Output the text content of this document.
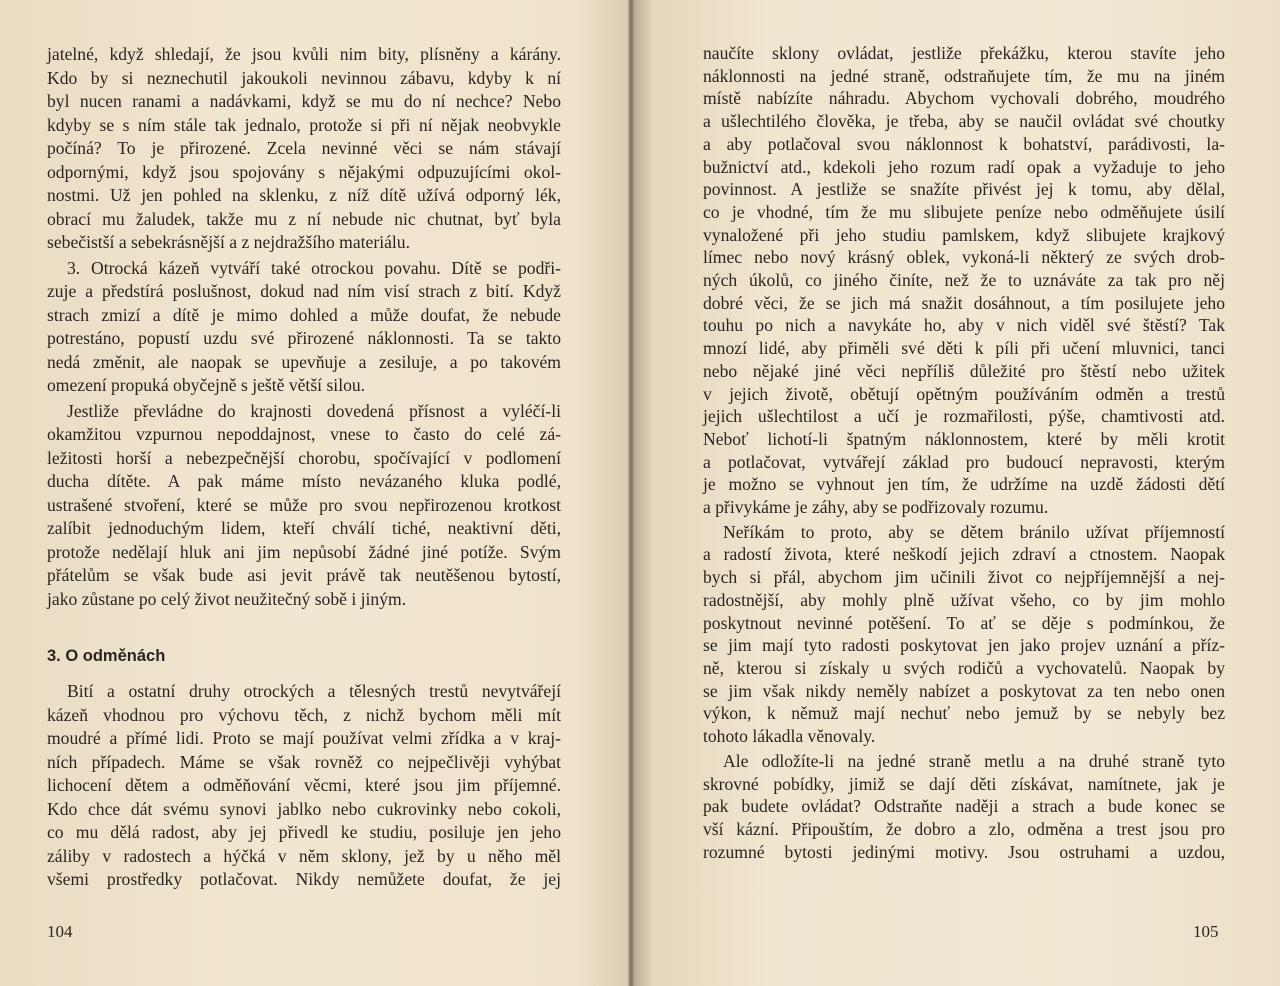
jatelné, když shledají, že jsou kvůli nim bity, plísněny a kárány.
Kdo by si neznechutil jakoukoli nevinnou zábavu, kdyby k ní
byl nucen ranami a nadávkami, když se mu do ní nechce? Nebo
kdyby se s ním stále tak jednalo, protože si při ní nějak neobvykle
počíná? To je přirozené. Zcela nevinné věci se nám stávají
odpornými, když jsou spojovány s nějakými odpuzujícími okol-
nostmi. Už jen pohled na sklenku, z níž dítě užívá odporný lék,
obrací mu žaludek, takže mu z ní nebude nic chutnat, byť byla
sebečistší a sebekrásnější a z nejdražšího materiálu.
3. Otrocká kázeň vytváří také otrockou povahu. Dítě se podři-
zuje a předstírá poslušnost, dokud nad ním visí strach z bití. Když
strach zmizí a dítě je mimo dohled a může doufat, že nebude
potrestáno, popustí uzdu své přirozené náklonnosti. Ta se takto
nedá změnit, ale naopak se upevňuje a zesiluje, a po takovém
omezení propuká obyčejně s ještě větší silou.
Jestliže převládne do krajnosti dovedená přísnost a vyléčí-li
okamžitou vzpurnou nepoddajnost, vnese to často do celé zá-
ležitosti horší a nebezpečnější chorobu, spočívající v podlomení
ducha dítěte. A pak máme místo nevázaného kluka podlé,
ustrašené stvoření, které se může pro svou nepřirozenou krotkost
zalíbit jednoduchým lidem, kteří chválí tiché, neaktivní děti,
protože nedělají hluk ani jim nepůsobí žádné jiné potíže. Svým
přátelům se však bude asi jevit právě tak neutěšenou bytostí,
jako zůstane po celý život neužitečný sobě i jiným.
3. O odměnách
Bití a ostatní druhy otrockých a tělesných trestů nevytvářejí
kázeň vhodnou pro výchovu těch, z nichž bychom měli mít
moudré a přímé lidi. Proto se mají používat velmi zřídka a v kraj-
ních případech. Máme se však rovněž co nejpečlivěji vyhýbat
lichocení dětem a odměňování věcmi, které jsou jim příjemné.
Kdo chce dát svému synovi jablko nebo cukrovinky nebo cokoli,
co mu dělá radost, aby jej přivedl ke studiu, posiluje jen jeho
záliby v radostech a hýčká v něm sklony, jež by u něho měl
všemi prostředky potlačovat. Nikdy nemůžete doufat, že jej
104
naučíte sklony ovládat, jestliže překážku, kterou stavíte jeho
náklonnosti na jedné straně, odstraňujete tím, že mu na jiném
místě nabízíte náhradu. Abychom vychovali dobrého, moudrého
a ušlechtilého člověka, je třeba, aby se naučil ovládat své choutky
a aby potlačoval svou náklonnost k bohatství, parádivosti, la-
bužnictví atd., kdekoli jeho rozum radí opak a vyžaduje to jeho
povinnost. A jestliže se snažíte přivést jej k tomu, aby dělal,
co je vhodné, tím že mu slibujete peníze nebo odměňujete úsilí
vynaložené při jeho studiu pamlskem, když slibujete krajkový
límec nebo nový krásný oblek, vykoná-li některý ze svých drob-
ných úkolů, co jiného činíte, než že to uznáváte za tak pro něj
dobré věci, že se jich má snažit dosáhnout, a tím posilujete jeho
touhu po nich a navykáte ho, aby v nich viděl své štěstí? Tak
mnozí lidé, aby přiměli své děti k píli při učení mluvnici, tanci
nebo nějaké jiné věci nepříliš důležité pro štěstí nebo užitek
v jejich životě, obětují opětným používáním odměn a trestů
jejich ušlechtilost a učí je rozmařilosti, pýše, chamtivosti atd.
Neboť lichotí-li špatným náklonnostem, které by měli krotit
a potlačovat, vytvářejí základ pro budoucí nepravosti, kterým
je možno se vyhnout jen tím, že udržíme na uzdě žádosti dětí
a přivykáme je záhy, aby se podřizovaly rozumu.
Neříkám to proto, aby se dětem bránilo užívat příjemností
a radostí života, které neškodí jejich zdraví a ctnostem. Naopak
bych si přál, abychom jim učinili život co nejpříjemnější a nej-
radostnější, aby mohly plně užívat všeho, co by jim mohlo
poskytnout nevinné potěšení. To ať se děje s podmínkou, že
se jim mají tyto radosti poskytovat jen jako projev uznání a příz-
ně, kterou si získaly u svých rodičů a vychovatelů. Naopak by
se jim však nikdy neměly nabízet a poskytovat za ten nebo onen
výkon, k němuž mají nechuť nebo jemuž by se nebyly bez
tohoto lákadla věnovaly.
Ale odložíte-li na jedné straně metlu a na druhé straně tyto
skrovné pobídky, jimiž se dají děti získávat, namítnete, jak je
pak budete ovládat? Odstraňte naději a strach a bude konec se
vší kázní. Připouštím, že dobro a zlo, odměna a trest jsou pro
rozumné bytosti jedinými motivy. Jsou ostruhami a uzdou,
105
